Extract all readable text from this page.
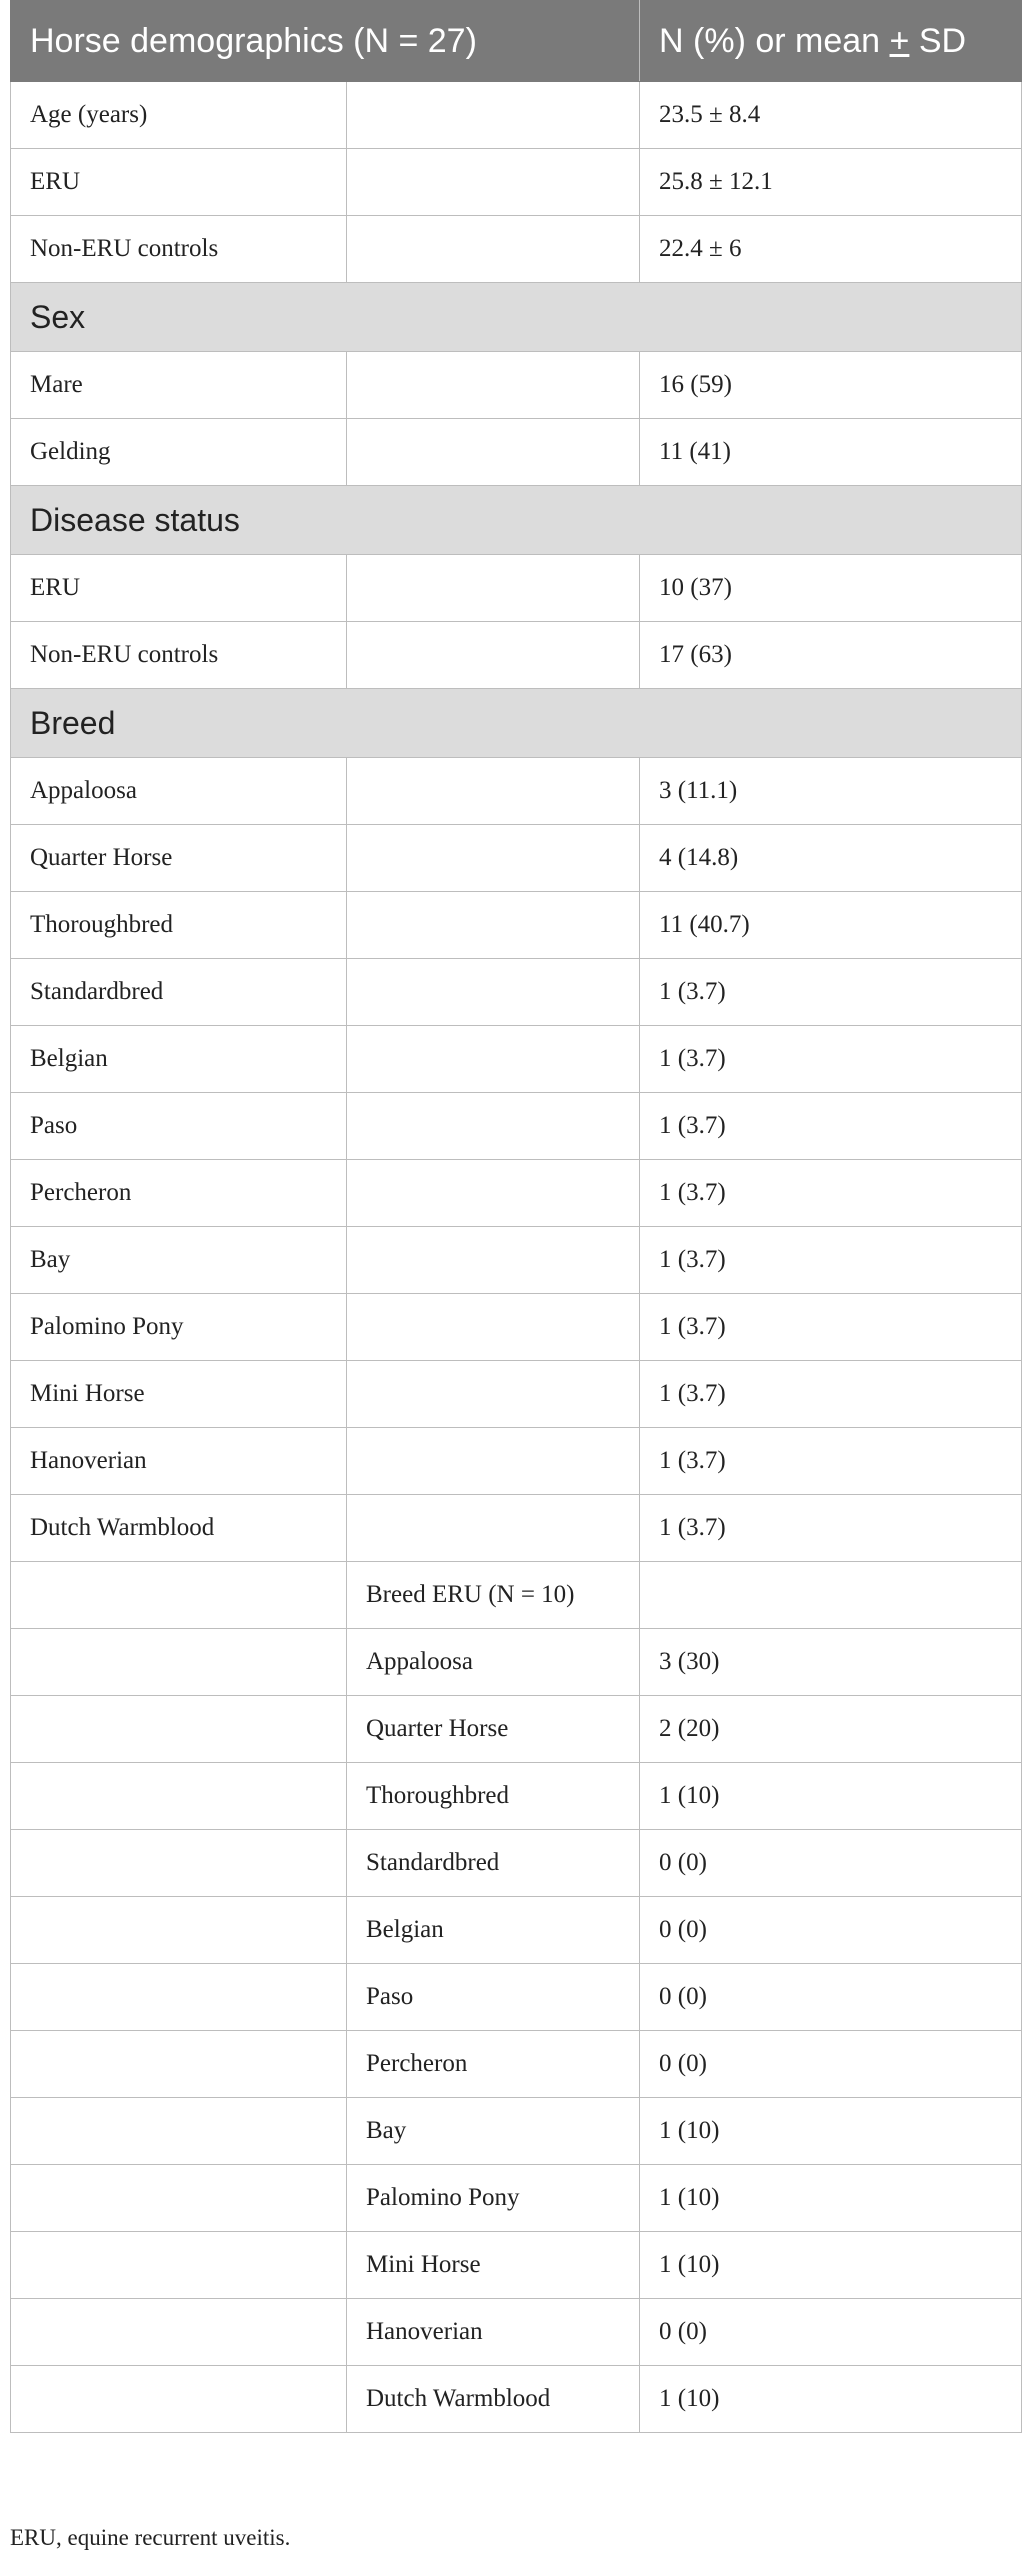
Horse demographics (N = 27)		N (%) or mean + SD
Age (years)		23.5 ± 8.4
ERU		25.8 ± 12.1
Non-ERU controls		22.4 ± 6
Sex		
Mare		16 (59)
Gelding		11 (41)
Disease status		
ERU		10 (37)
Non-ERU controls		17 (63)
Breed		
Appaloosa		3 (11.1)
Quarter Horse		4 (14.8)
Thoroughbred		11 (40.7)
Standardbred		1 (3.7)
Belgian		1 (3.7)
Paso		1 (3.7)
Percheron		1 (3.7)
Bay		1 (3.7)
Palomino Pony		1 (3.7)
Mini Horse		1 (3.7)
Hanoverian		1 (3.7)
Dutch Warmblood		1 (3.7)
	Breed ERU (N = 10)	
	Appaloosa	3 (30)
	Quarter Horse	2 (20)
	Thoroughbred	1 (10)
	Standardbred	0 (0)
	Belgian	0 (0)
	Paso	0 (0)
	Percheron	0 (0)
	Bay	1 (10)
	Palomino Pony	1 (10)
	Mini Horse	1 (10)
	Hanoverian	0 (0)
	Dutch Warmblood	1 (10)
ERU, equine recurrent uveitis.
